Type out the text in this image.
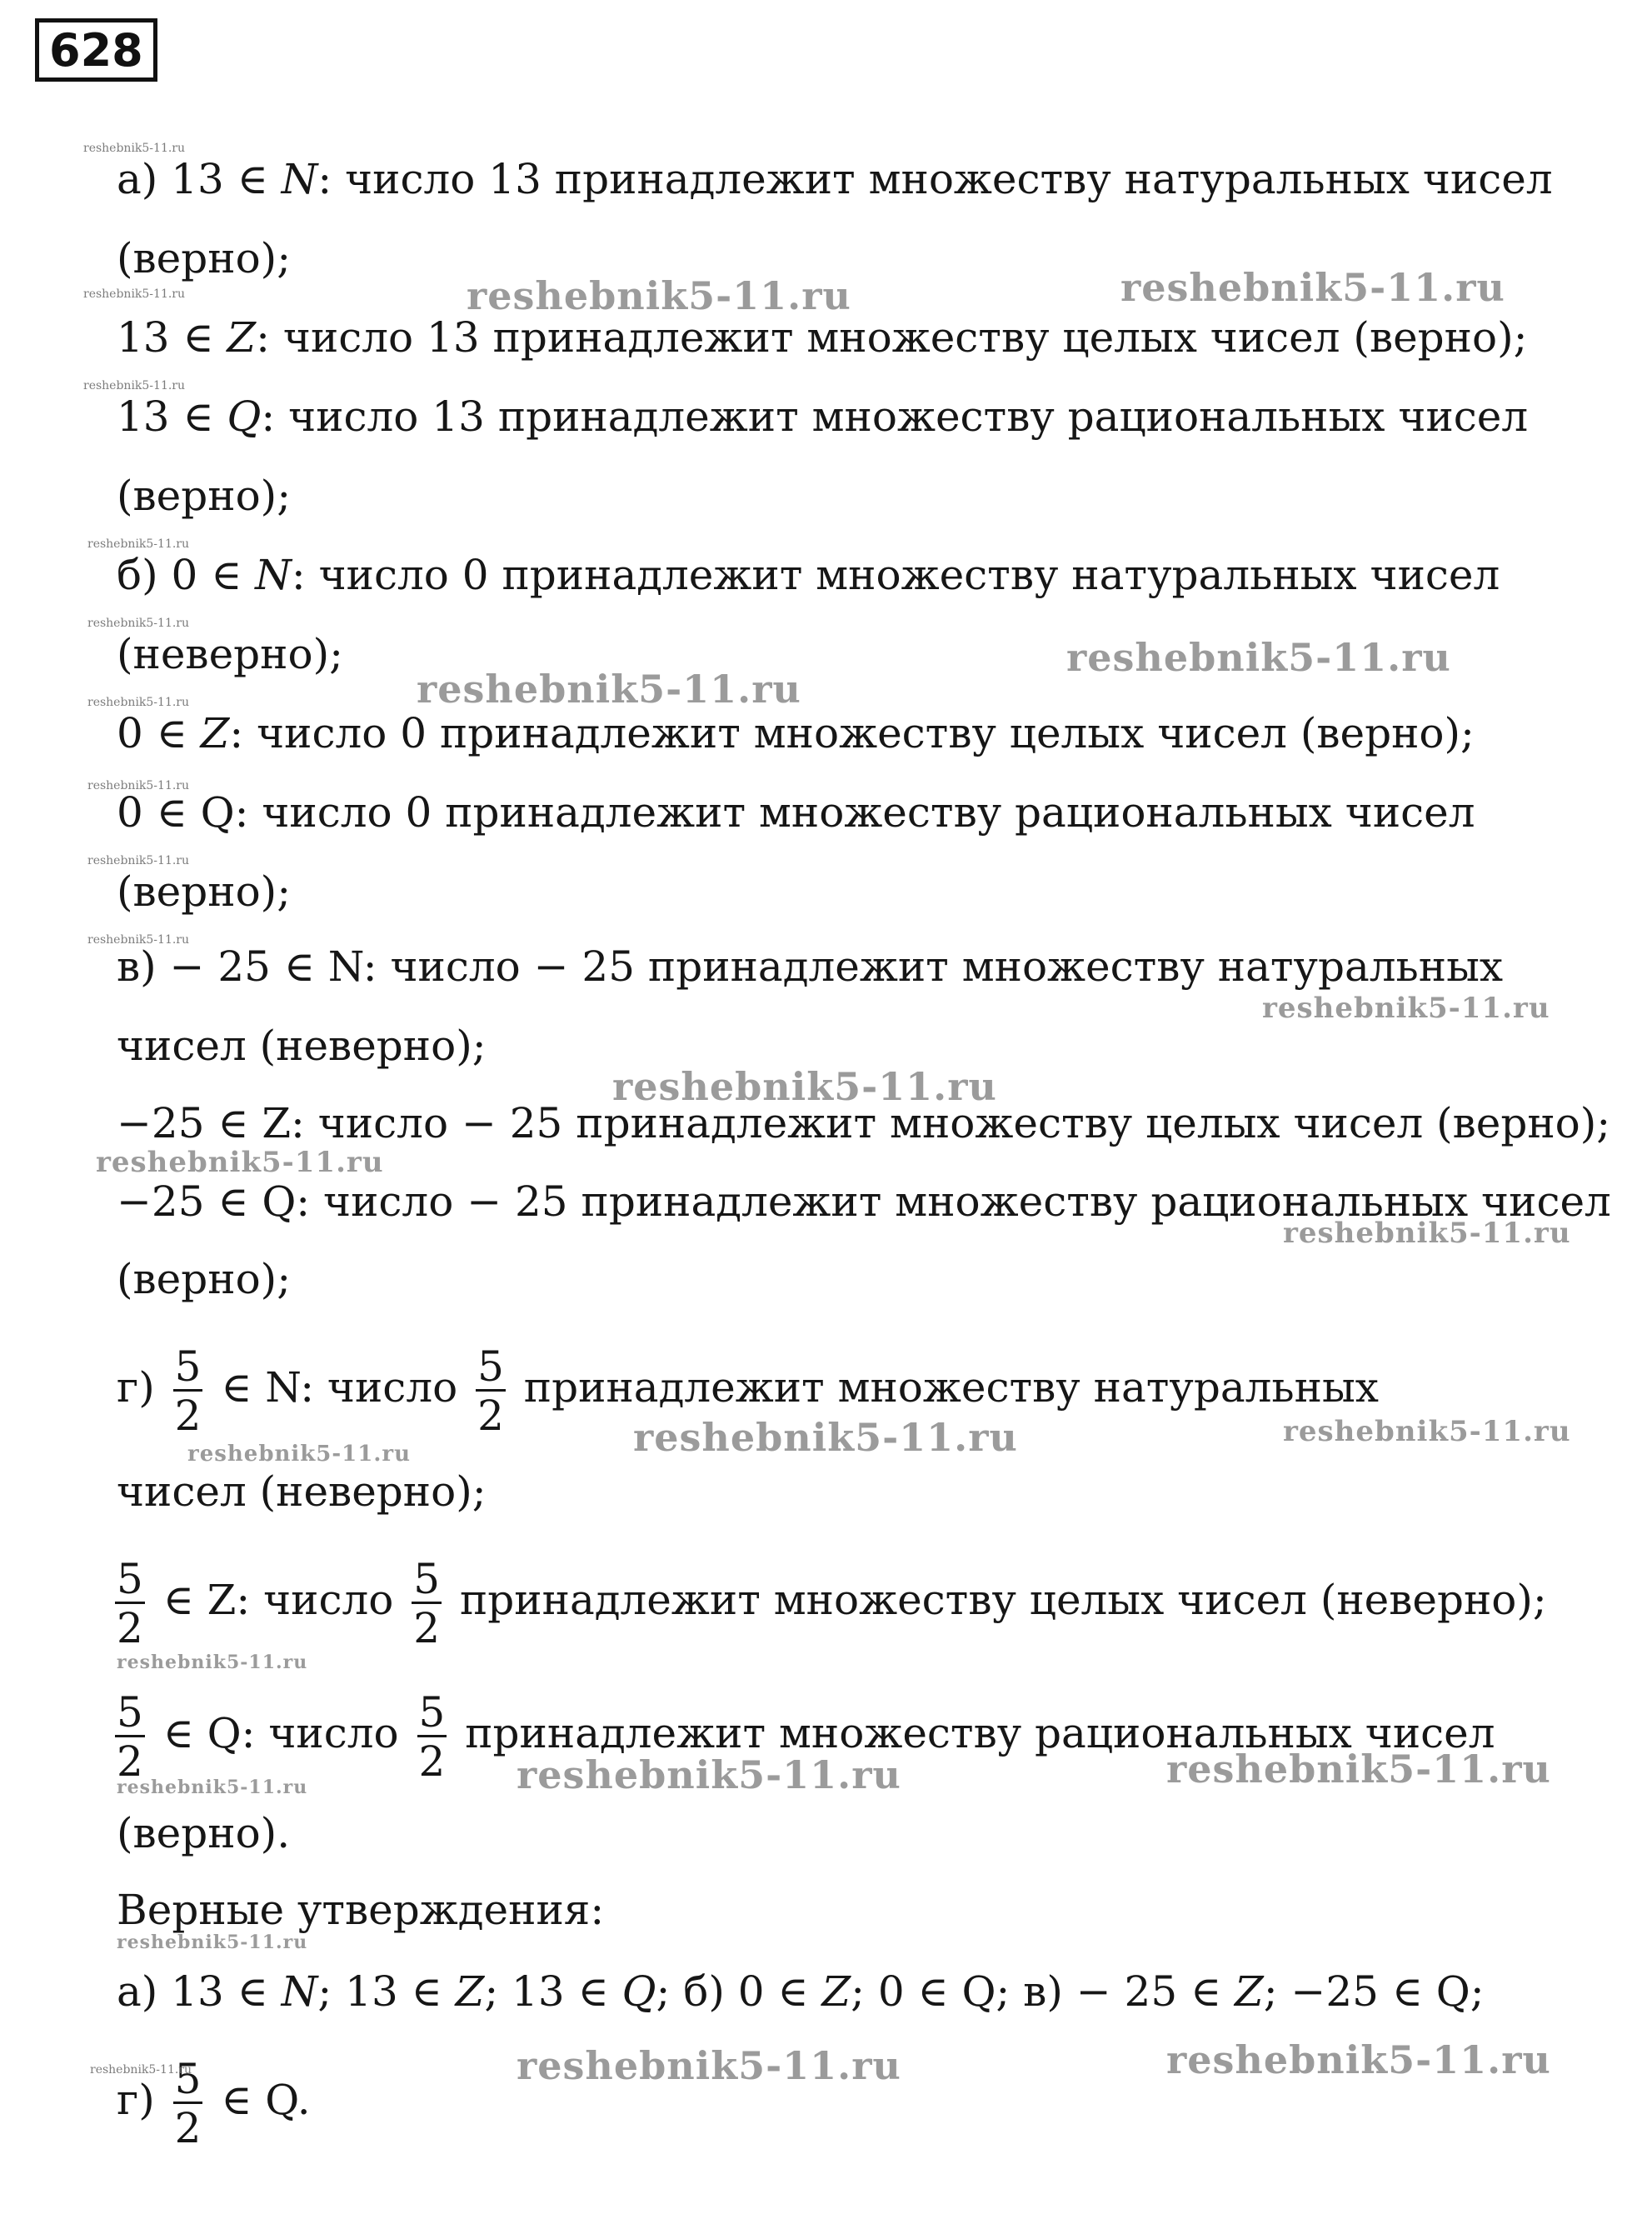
628
а) 13 ∈ N: число 13 принадлежит множеству натуральных чисел
(верно);
13 ∈ Z: число 13 принадлежит множеству целых чисел (верно);
13 ∈ Q: число 13 принадлежит множеству рациональных чисел
(верно);
б) 0 ∈ N: число 0 принадлежит множеству натуральных чисел
(неверно);
0 ∈ Z: число 0 принадлежит множеству целых чисел (верно);
0 ∈ Q: число 0 принадлежит множеству рациональных чисел
(верно);
в) − 25 ∈ N: число − 25 принадлежит множеству натуральных
чисел (неверно);
−25 ∈ Z: число − 25 принадлежит множеству целых чисел (верно);
−25 ∈ Q: число − 25 принадлежит множеству рациональных чисел
(верно);
$г) \frac{5}{2}$ ∈ N: число $\frac{5}{2}$ принадлежит множеству натуральных
чисел (неверно);
$\frac{5}{2}$ ∈ Z: число $\frac{5}{2}$ принадлежит множеству целых чисел (неверно);
$\frac{5}{2}$ ∈ Q: число $\frac{5}{2}$ принадлежит множеству рациональных чисел
(верно).
Верные утверждения:
а) 13 ∈ N; 13 ∈ Z; 13 ∈ Q; б) 0 ∈ Z; 0 ∈ Q; в) − 25 ∈ Z; −25 ∈ Q;
$г) \frac{5}{2}$ ∈ Q.
reshebnik5-11.ru
reshebnik5-11.ru
reshebnik5-11.ru
reshebnik5-11.ru
reshebnik5-11.ru
reshebnik5-11.ru
reshebnik5-11.ru
reshebnik5-11.ru
reshebnik5-11.ru
reshebnik5-11.ru
reshebnik5-11.ru	reshebnik5-11.ru
reshebnik5-11.ru
reshebnik5-11.ru
reshebnik5-11.ru
reshebnik5-11.ru
reshebnik5-11.ru
reshebnik5-11.ru
reshebnik5-11.ru	reshebnik5-11.ru
reshebnik5-11.ru
reshebnik5-11.ru
reshebnik5-11.ru	reshebnik5-11.ru	reshebnik5-11.ru
reshebnik5-11.ru
reshebnik5-11.ru	reshebnik5-11.ru
